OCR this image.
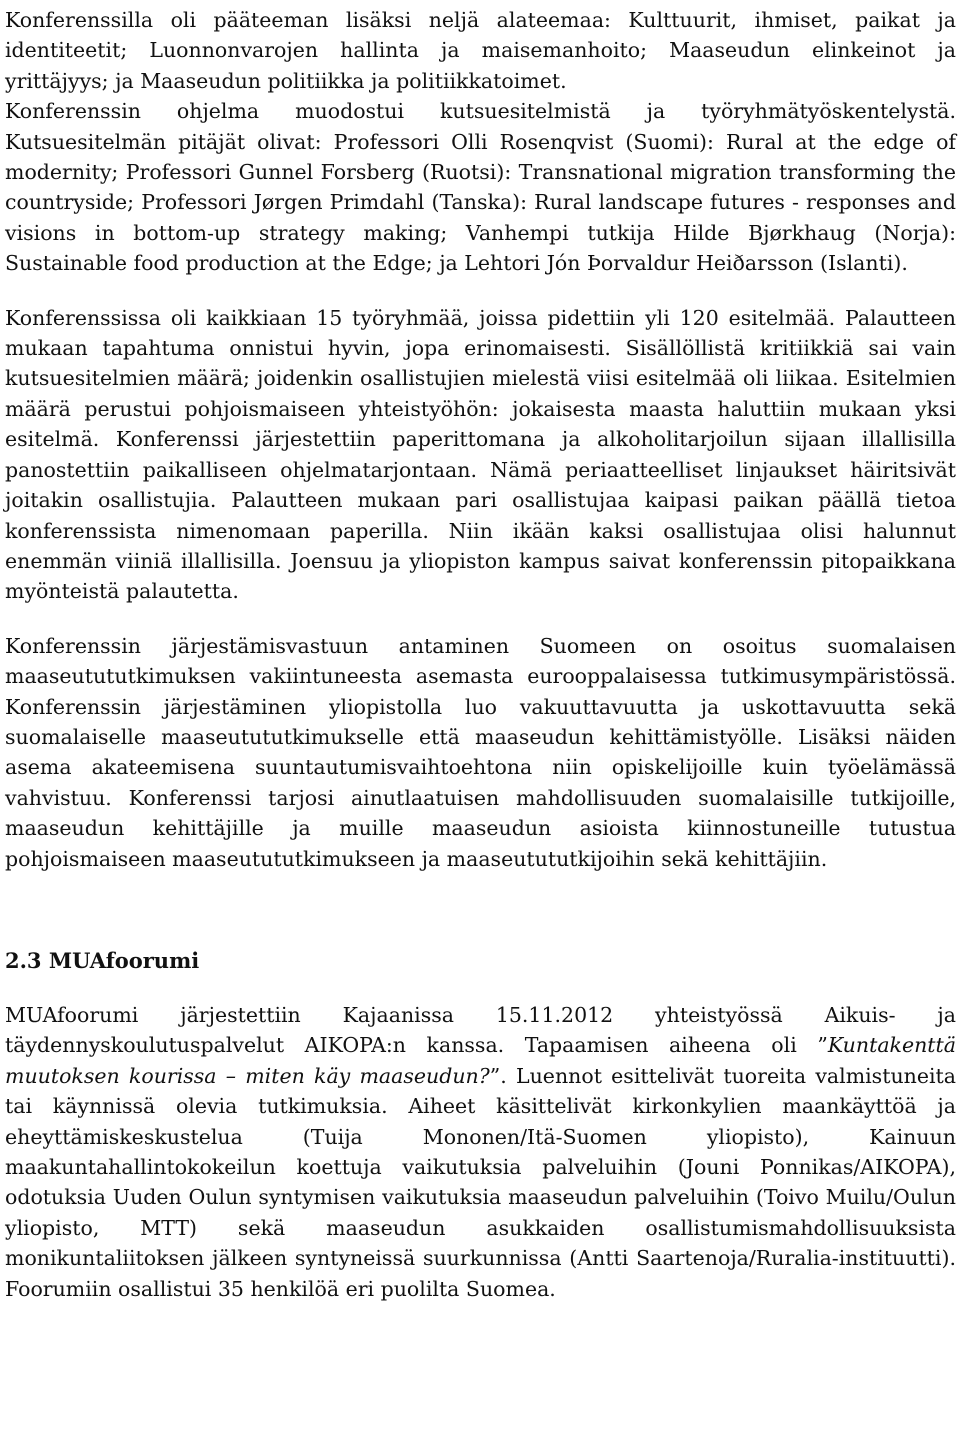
Konferenssilla oli pääteeman lisäksi neljä alateemaa: Kulttuurit, ihmiset, paikat ja identiteetit; Luonnonvarojen hallinta ja maisemanhoito; Maaseudun elinkeinot ja yrittäjyys; ja Maaseudun politiikka ja politiikkatoimet.

Konferenssin ohjelma muodostui kutsuesitelmistä ja työryhmätyöskentelystä. Kutsuesitelmän pitäjät olivat: Professori Olli Rosenqvist (Suomi): Rural at the edge of modernity; Professori Gunnel Forsberg (Ruotsi): Transnational migration transforming the countryside; Professori Jørgen Primdahl (Tanska): Rural landscape futures - responses and visions in bottom-up strategy making; Vanhempi tutkija Hilde Bjørkhaug (Norja): Sustainable food production at the Edge; ja Lehtori Jón Þorvaldur Heiðarsson (Islanti).

Konferenssissa oli kaikkiaan 15 työryhmää, joissa pidettiin yli 120 esitelmää. Palautteen mukaan tapahtuma onnistui hyvin, jopa erinomaisesti. Sisällöllistä kritiikkiä sai vain kutsuesitelmien määrä; joidenkin osallistujien mielestä viisi esitelmää oli liikaa. Esitelmien määrä perustui pohjoismaiseen yhteistyöhön: jokaisesta maasta haluttiin mukaan yksi esitelmä. Konferenssi järjestettiin paperittomana ja alkoholitarjoilun sijaan illallisilla panostettiin paikalliseen ohjelmatarjontaan. Nämä periaatteelliset linjaukset häiritsivät joitakin osallistujia. Palautteen mukaan pari osallistujaa kaipasi paikan päällä tietoa konferenssista nimenomaan paperilla. Niin ikään kaksi osallistujaa olisi halunnut enemmän viiniä illallisilla. Joensuu ja yliopiston kampus saivat konferenssin pitopaikkana myönteistä palautetta.

Konferenssin järjestämisvastuun antaminen Suomeen on osoitus suomalaisen maaseutututkimuksen vakiintuneesta asemasta eurooppalaisessa tutkimusympäristössä. Konferenssin järjestäminen yliopistolla luo vakuuttavuutta ja uskottavuutta sekä suomalaiselle maaseutututkimukselle että maaseudun kehittämistyölle. Lisäksi näiden asema akateemisena suuntautumisvaihtoehtona niin opiskelijoille kuin työelämässä vahvistuu. Konferenssi tarjosi ainutlaatuisen mahdollisuuden suomalaisille tutkijoille, maaseudun kehittäjille ja muille maaseudun asioista kiinnostuneille tutustua pohjoismaiseen maaseutututkimukseen ja maaseutututkijoihin sekä kehittäjiin.

2.3 MUAfoorumi

MUAfoorumi järjestettiin Kajaanissa 15.11.2012 yhteistyössä Aikuis- ja täydennyskoulutuspalvelut AIKOPA:n kanssa. Tapaamisen aiheena oli ”Kuntakenttä muutoksen kourissa – miten käy maaseudun?”. Luennot esittelivät tuoreita valmistuneita tai käynnissä olevia tutkimuksia. Aiheet käsittelivät kirkonkylien maankäyttöä ja eheyttämiskeskustelua (Tuija Mononen/Itä-Suomen yliopisto), Kainuun maakuntahallintokokeilun koettuja vaikutuksia palveluihin (Jouni Ponnikas/AIKOPA), odotuksia Uuden Oulun syntymisen vaikutuksia maaseudun palveluihin (Toivo Muilu/Oulun yliopisto, MTT) sekä maaseudun asukkaiden osallistumismahdollisuuksista monikuntaliitoksen jälkeen syntyneissä suurkunnissa (Antti Saartenoja/Ruralia-instituutti). Foorumiin osallistui 35 henkilöä eri puolilta Suomea.
